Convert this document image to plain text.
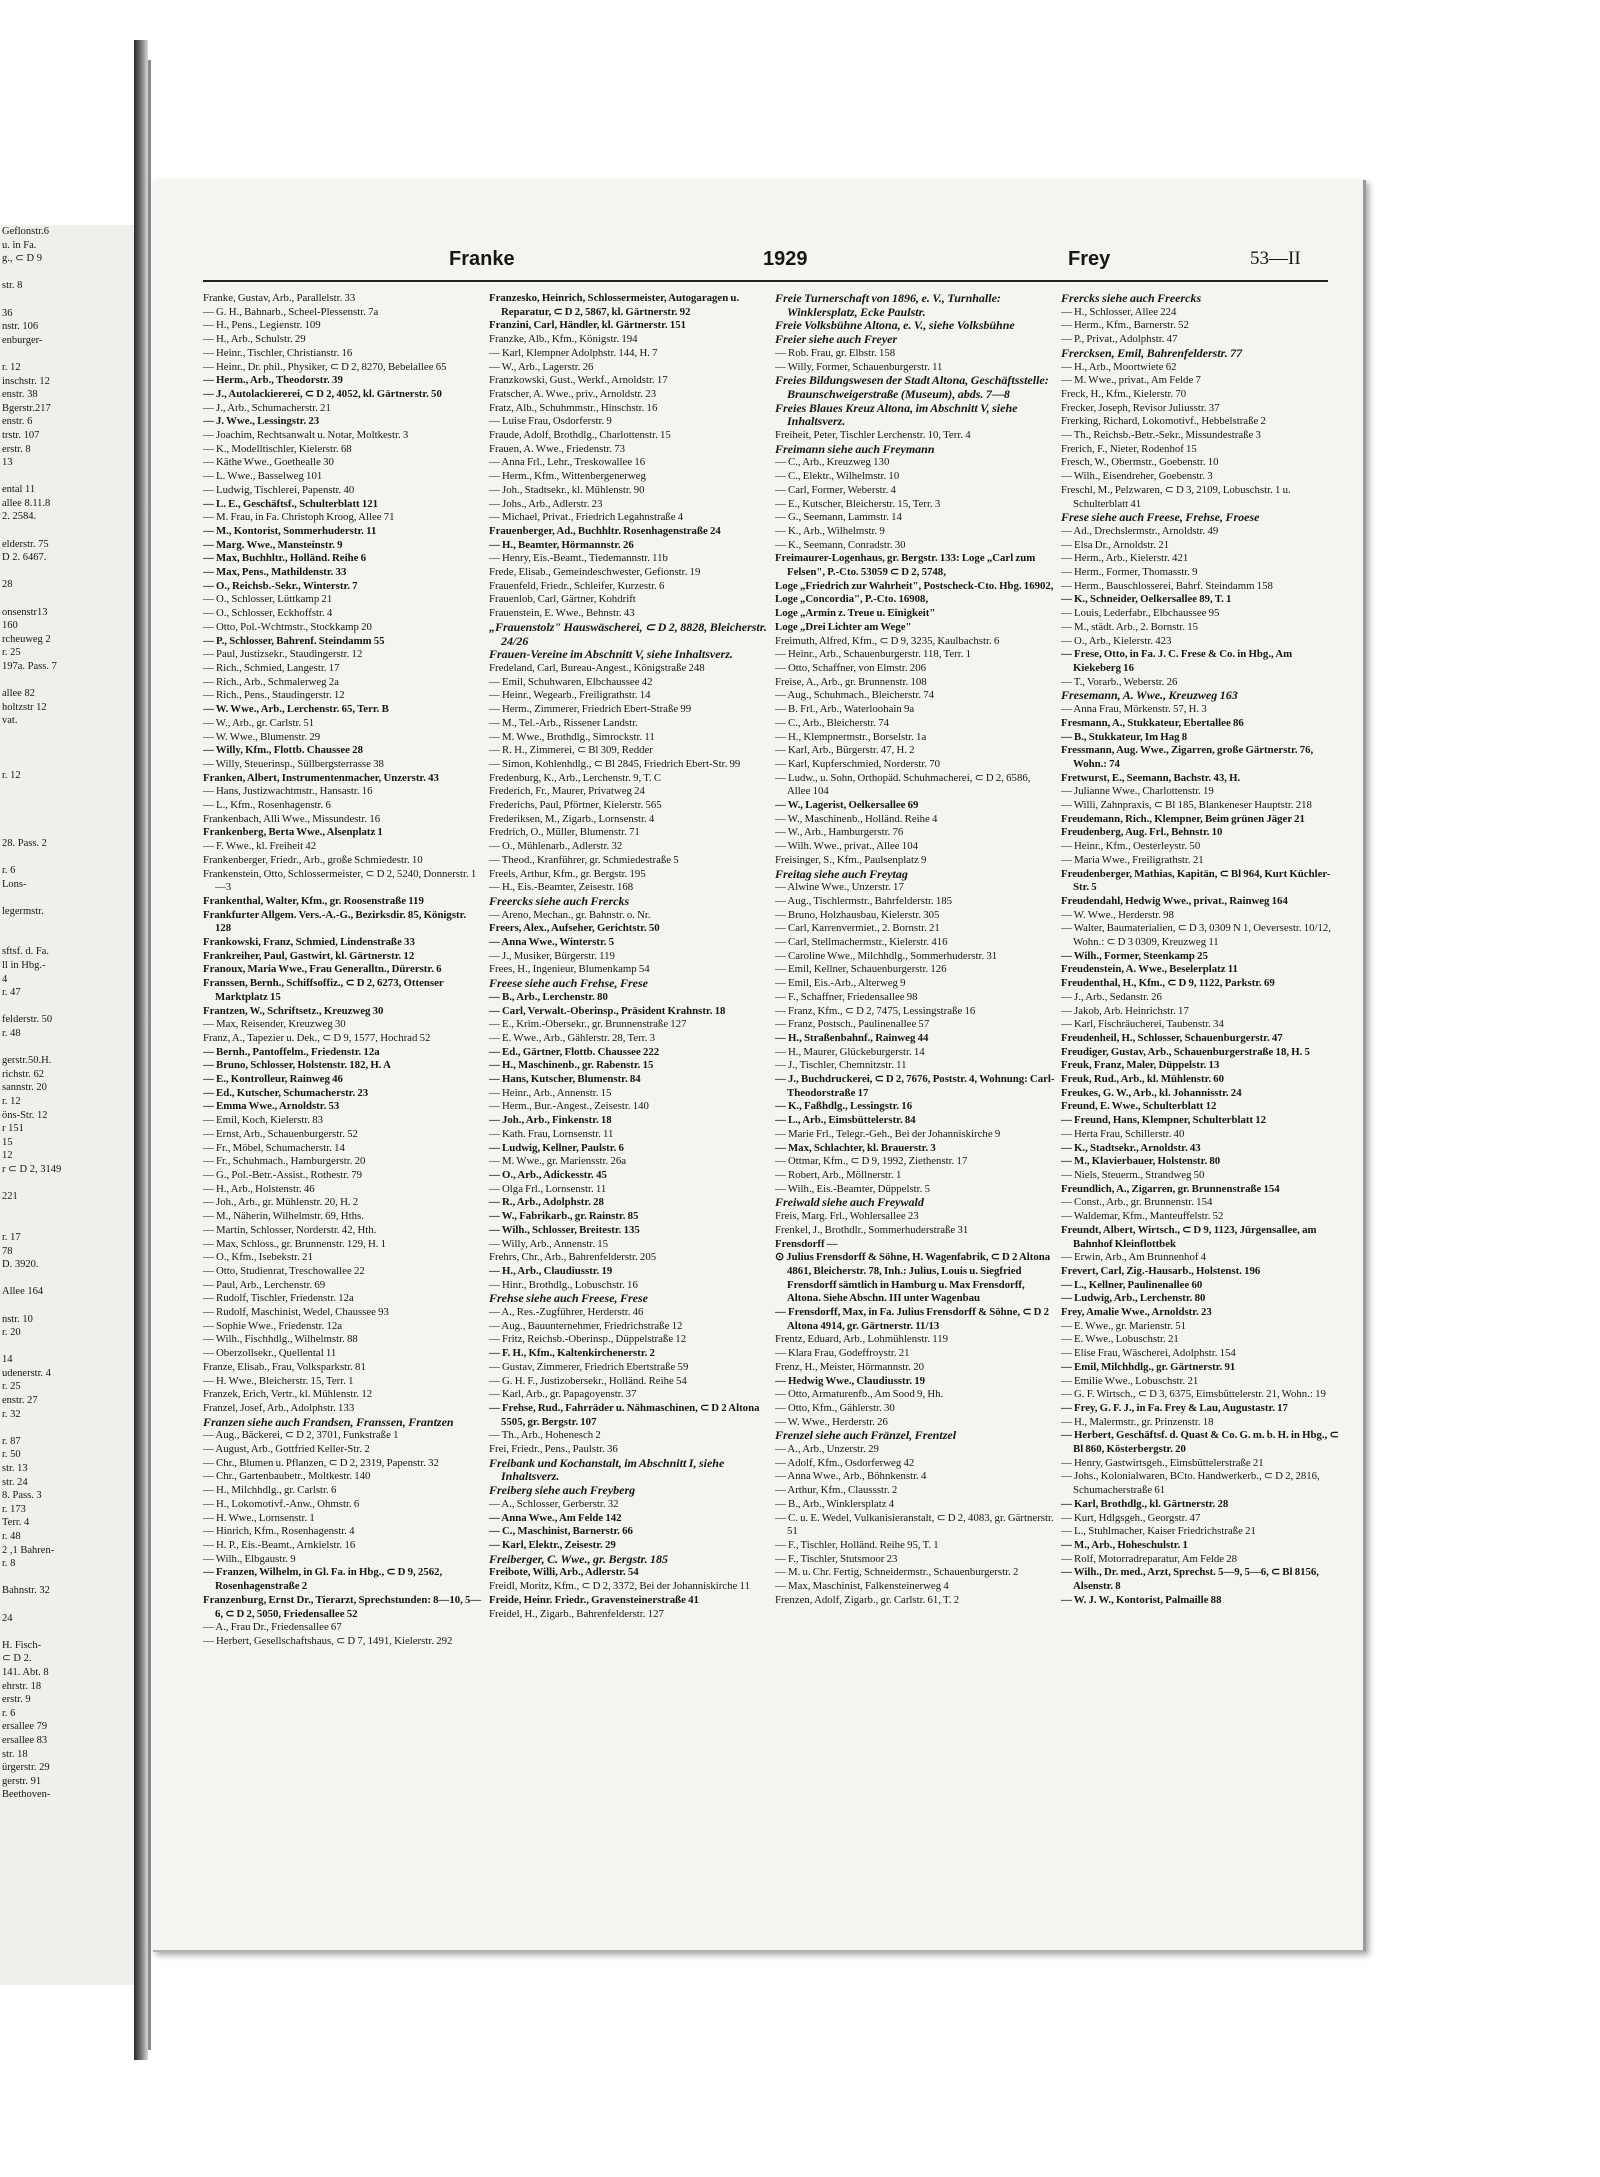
Geflonstr.6
u. in Fa.
g., ⊂ D 9
str. 8
36
nstr. 106
enburger-
r. 12
inschstr. 12
enstr. 38
Bgerstr.217
enstr. 6
trstr. 107
erstr. 8
13
ental 11
allee 8.11.8
2. 2584.
elderstr. 75
D 2. 6467.
28
onsenstr13
160
rcheuweg 2
r. 25
197a. Pass. 7
allee 82
holtzstr 12
vat.
r. 12
28. Pass. 2
r. 6
Lons-
legermstr.
sftsf. d. Fa.
ll in Hbg.-
4
r. 47
felderstr. 50
r. 48
gerstr.50.H.
richstr. 62
sannstr. 20
r. 12
öns-Str. 12
r 151
15
12
r ⊂ D 2, 3149
221
r. 17
78
D. 3920.
Allee 164
nstr. 10
r. 20
14
udenerstr. 4
r. 25
enstr. 27
r. 32
r. 87
r. 50
str. 13
str. 24
8. Pass. 3
r. 173
Terr. 4
r. 48
2 ,1 Bahren-
r. 8
Bahnstr. 32
24
H. Fisch-
⊂ D 2.
141. Abt. 8
ehrstr. 18
erstr. 9
r. 6
ersallee 79
ersallee 83
str. 18
ürgerstr. 29
gerstr. 91
Beethoven-
Franke	1929	Frey	53—II
Franke, Gustav, Arb., Parallelstr. 33
— G. H., Bahnarb., Scheel-Plessenstr. 7a
— H., Pens., Legienstr. 109
— H., Arb., Schulstr. 29
— Heinr., Tischler, Christianstr. 16
— Heinr., Dr. phil., Physiker, ⊂ D 2, 8270, Bebelallee 65
— Herm., Arb., Theodorstr. 39
— J., Autolackiererei, ⊂ D 2, 4052, kl. Gärtnerstr. 50
— J., Arb., Schumacherstr. 21
— J. Wwe., Lessingstr. 23
— Joachim, Rechtsanwalt u. Notar, Moltkestr. 3
— K., Modelltischler, Kielerstr. 68
— Käthe Wwe., Goethealle 30
— L. Wwe., Basselweg 101
— Ludwig, Tischlerei, Papenstr. 40
— L. E., Geschäftsf., Schulterblatt 121
— M. Frau, in Fa. Christoph Kroog, Allee 71
— M., Kontorist, Sommerhuderstr. 11
— Marg. Wwe., Mansteinstr. 9
— Max, Buchhltr., Holländ. Reihe 6
— Max, Pens., Mathildenstr. 33
— O., Reichsb.-Sekr., Winterstr. 7
— O., Schlosser, Lüttkamp 21
— O., Schlosser, Eckhoffstr. 4
— Otto, Pol.-Wchtmstr., Stockkamp 20
— P., Schlosser, Bahrenf. Steindamm 55
— Paul, Justizsekr., Staudingerstr. 12
— Rich., Schmied, Langestr. 17
— Rich., Arb., Schmalerweg 2a
— Rich., Pens., Staudingerstr. 12
— W. Wwe., Arb., Lerchenstr. 65, Terr. B
— W., Arb., gr. Carlstr. 51
— W. Wwe., Blumenstr. 29
— Willy, Kfm., Flottb. Chaussee 28
— Willy, Steuerinsp., Süllbergsterrasse 38
Franken, Albert, Instrumentenmacher, Unzerstr. 43
— Hans, Justizwachtmstr., Hansastr. 16
— L., Kfm., Rosenhagenstr. 6
Frankenbach, Alli Wwe., Missundestr. 16
Frankenberg, Berta Wwe., Alsenplatz 1
— F. Wwe., kl. Freiheit 42
Frankenberger, Friedr., Arb., große Schmiedestr. 10
Frankenstein, Otto, Schlossermeister, ⊂ D 2, 5240, Donnerstr. 1—3
Frankenthal, Walter, Kfm., gr. Roosenstraße 119
Frankfurter Allgem. Vers.-A.-G., Bezirksdir. 85, Königstr. 128
Frankowski, Franz, Schmied, Lindenstraße 33
Frankreiher, Paul, Gastwirt, kl. Gärtnerstr. 12
Franoux, Maria Wwe., Frau Generalltn., Dürerstr. 6
Franssen, Bernh., Schiffsoffiz., ⊂ D 2, 6273, Ottenser Marktplatz 15
Frantzen, W., Schriftsetz., Kreuzweg 30
— Max, Reisender, Kreuzweg 30
Franz, A., Tapezier u. Dek., ⊂ D 9, 1577, Hochrad 52
— Bernh., Pantoffelm., Friedenstr. 12a
— Bruno, Schlosser, Holstenstr. 182, H. A
— E., Kontrolleur, Rainweg 46
— Ed., Kutscher, Schumacherstr. 23
— Emma Wwe., Arnoldstr. 53
— Emil, Koch, Kielerstr. 83
— Ernst, Arb., Schauenburgerstr. 52
— Fr., Möbel, Schumacherstr. 14
— Fr., Schuhmach., Hamburgerstr. 20
— G., Pol.-Betr.-Assist., Rothestr. 79
— H., Arb., Holstenstr. 46
— Joh., Arb., gr. Mühlenstr. 20, H. 2
— M., Näherin, Wilhelmstr. 69, Hths.
— Martin, Schlosser, Norderstr. 42, Hth.
— Max, Schloss., gr. Brunnenstr. 129, H. 1
— O., Kfm., Isebekstr. 21
— Otto, Studienrat, Treschowallee 22
— Paul, Arb., Lerchenstr. 69
— Rudolf, Tischler, Friedenstr. 12a
— Rudolf, Maschinist, Wedel, Chaussee 93
— Sophie Wwe., Friedenstr. 12a
— Wilh., Fischhdlg., Wilhelmstr. 88
— Oberzollsekr., Quellental 11
Franze, Elisab., Frau, Volksparkstr. 81
— H. Wwe., Bleicherstr. 15, Terr. 1
Franzek, Erich, Vertr., kl. Mühlenstr. 12
Franzel, Josef, Arb., Adolphstr. 133
Franzen siehe auch Frandsen, Franssen, Frantzen
— Aug., Bäckerei, ⊂ D 2, 3701, Funkstraße 1
— August, Arb., Gottfried Keller-Str. 2
— Chr., Blumen u. Pflanzen, ⊂ D 2, 2319, Papenstr. 32
— Chr., Gartenbaubetr., Moltkestr. 140
— H., Milchhdlg., gr. Carlstr. 6
— H., Lokomotivf.-Anw., Ohmstr. 6
— H. Wwe., Lornsenstr. 1
— Hinrich, Kfm., Rosenhagenstr. 4
— H. P., Eis.-Beamt., Arnkielstr. 16
— Wilh., Elbgaustr. 9
— Franzen, Wilhelm, in Gl. Fa. in Hbg., ⊂ D 9, 2562, Rosenhagenstraße 2
Franzenburg, Ernst Dr., Tierarzt, Sprechstunden: 8—10, 5—6, ⊂ D 2, 5050, Friedensallee 52
— A., Frau Dr., Friedensallee 67
— Herbert, Gesellschaftshaus, ⊂ D 7, 1491, Kielerstr. 292
Franzesko, Heinrich, Schlossermeister, Autogaragen u. Reparatur, ⊂ D 2, 5867, kl. Gärtnerstr. 92
Franzini, Carl, Händler, kl. Gärtnerstr. 151
Franzke, Alb., Kfm., Königstr. 194
— Karl, Klempner Adolphstr. 144, H. 7
— W., Arb., Lagerstr. 26
Franzkowski, Gust., Werkf., Arnoldstr. 17
Fratscher, A. Wwe., priv., Arnoldstr. 23
Fratz, Alb., Schuhmmstr., Hinschstr. 16
— Luise Frau, Osdorferstr. 9
Fraude, Adolf, Brothdlg., Charlottenstr. 15
Frauen, A. Wwe., Friedenstr. 73
— Anna Frl., Lehr., Treskowallee 16
— Herm., Kfm., Wittenbergenerweg
— Joh., Stadtsekr., kl. Mühlenstr. 90
— Johs., Arb., Adlerstr. 23
— Michael, Privat., Friedrich Legahnstraße 4
Frauenberger, Ad., Buchhltr. Rosenhagenstraße 24
— H., Beamter, Hörmannstr. 26
— Henry, Eis.-Beamt., Tiedemannstr. 11b
Frede, Elisab., Gemeindeschwester, Gefionstr. 19
Frauenfeld, Friedr., Schleifer, Kurzestr. 6
Frauenlob, Carl, Gärtner, Kohdrift
Frauenstein, E. Wwe., Behnstr. 43
„Frauenstolz" Hauswäscherei, ⊂ D 2, 8828, Bleicherstr. 24/26
Frauen-Vereine im Abschnitt V, siehe Inhaltsverz.
Fredeland, Carl, Bureau-Angest., Königstraße 248
— Emil, Schuhwaren, Elbchaussee 42
— Heinr., Wegearb., Freiligrathstr. 14
— Herm., Zimmerer, Friedrich Ebert-Straße 99
— M., Tel.-Arb., Rissener Landstr.
— M. Wwe., Brothdlg., Simrockstr. 11
— R. H., Zimmerei, ⊂ Bl 309, Redder
— Simon, Kohlenhdlg., ⊂ Bl 2845, Friedrich Ebert-Str. 99
Fredenburg, K., Arb., Lerchenstr. 9, T. C
Frederich, Fr., Maurer, Privatweg 24
Frederichs, Paul, Pförtner, Kielerstr. 565
Frederiksen, M., Zigarb., Lornsenstr. 4
Fredrich, O., Müller, Blumenstr. 71
— O., Mühlenarb., Adlerstr. 32
— Theod., Kranführer, gr. Schmiedestraße 5
Freels, Arthur, Kfm., gr. Bergstr. 195
— H., Eis.-Beamter, Zeisestr. 168
Freercks siehe auch Frercks
— Areno, Mechan., gr. Bahnstr. o. Nr.
Freers, Alex., Aufseher, Gerichtstr. 50
— Anna Wwe., Winterstr. 5
— J., Musiker, Bürgerstr. 119
Frees, H., Ingenieur, Blumenkamp 54
Freese siehe auch Frehse, Frese
— B., Arb., Lerchenstr. 80
— Carl, Verwalt.-Oberinsp., Präsident Krahnstr. 18
— E., Krim.-Obersekr., gr. Brunnenstraße 127
— E. Wwe., Arb., Gählerstr. 28, Terr. 3
— Ed., Gärtner, Flottb. Chaussee 222
— H., Maschinenb., gr. Rabenstr. 15
— Hans, Kutscher, Blumenstr. 84
— Heinr., Arb., Annenstr. 15
— Herm., Bur.-Angest., Zeisestr. 140
— Joh., Arb., Finkenstr. 18
— Kath. Frau, Lornsenstr. 11
— Ludwig, Kellner, Paulstr. 6
— M. Wwe., gr. Mariensstr. 26a
— O., Arb., Adickesstr. 45
— Olga Frl., Lornsenstr. 11
— R., Arb., Adolphstr. 28
— W., Fabrikarb., gr. Rainstr. 85
— Wilh., Schlosser, Breitestr. 135
— Willy, Arb., Annenstr. 15
Frehrs, Chr., Arb., Bahrenfelderstr. 205
— H., Arb., Claudiusstr. 19
— Hinr., Brothdlg., Lobuschstr. 16
Frehse siehe auch Freese, Frese
— A., Res.-Zugführer, Herderstr. 46
— Aug., Bauunternehmer, Friedrichstraße 12
— Fritz, Reichsb.-Oberinsp., Düppelstraße 12
— F. H., Kfm., Kaltenkirchenerstr. 2
— Gustav, Zimmerer, Friedrich Ebertstraße 59
— G. H. F., Justizobersekr., Holländ. Reihe 54
— Karl, Arb., gr. Papagoyenstr. 37
— Frehse, Rud., Fahrräder u. Nähmaschinen, ⊂ D 2 Altona 5505, gr. Bergstr. 107
— Th., Arb., Hohenesch 2
Frei, Friedr., Pens., Paulstr. 36
Freibank und Kochanstalt, im Abschnitt I, siehe Inhaltsverz.
Freiberg siehe auch Freyberg
— A., Schlosser, Gerberstr. 32
— Anna Wwe., Am Felde 142
— C., Maschinist, Barnerstr. 66
— Karl, Elektr., Zeisestr. 29
Freiberger, C. Wwe., gr. Bergstr. 185
Freibote, Willi, Arb., Adlerstr. 54
Freidl, Moritz, Kfm., ⊂ D 2, 3372, Bei der Johanniskirche 11
Freide, Heinr. Friedr., Gravensteinerstraße 41
Freidel, H., Zigarb., Bahrenfelderstr. 127
Freie Turnerschaft von 1896, e. V., Turnhalle: Winklersplatz, Ecke Paulstr.
Freie Volksbühne Altona, e. V., siehe Volksbühne
Freier siehe auch Freyer
— Rob. Frau, gr. Elbstr. 158
— Willy, Former, Schauenburgerstr. 11
Freies Bildungswesen der Stadt Altona, Geschäftsstelle: Braunschweigerstraße (Museum), abds. 7—8
Freies Blaues Kreuz Altona, im Abschnitt V, siehe Inhaltsverz.
Freiheit, Peter, Tischler Lerchenstr. 10, Terr. 4
Freimann siehe auch Freymann
— C., Arb., Kreuzweg 130
— C., Elektr., Wilhelmstr. 10
— Carl, Former, Weberstr. 4
— E., Kutscher, Bleicherstr. 15, Terr. 3
— G., Seemann, Lammstr. 14
— K., Arb., Wilhelmstr. 9
— K., Seemann, Conradstr. 30
Freimaurer-Logenhaus, gr. Bergstr. 133: Loge „Carl zum Felsen", P.-Cto. 53059 ⊂ D 2, 5748,
Loge „Friedrich zur Wahrheit", Postscheck-Cto. Hbg. 16902,
Loge „Concordia", P.-Cto. 16908,
Loge „Armin z. Treue u. Einigkeit"
Loge „Drei Lichter am Wege"
Freimuth, Alfred, Kfm., ⊂ D 9, 3235, Kaulbachstr. 6
— Heinr., Arb., Schauenburgerstr. 118, Terr. 1
— Otto, Schaffner, von Elmstr. 206
Freise, A., Arb., gr. Brunnenstr. 108
— Aug., Schuhmach., Bleicherstr. 74
— B. Frl., Arb., Waterloohain 9a
— C., Arb., Bleicherstr. 74
— H., Klempnermstr., Borselstr. 1a
— Karl, Arb., Bürgerstr. 47, H. 2
— Karl, Kupferschmied, Norderstr. 70
— Ludw., u. Sohn, Orthopäd. Schuhmacherei, ⊂ D 2, 6586, Allee 104
— W., Lagerist, Oelkersallee 69
— W., Maschinenb., Holländ. Reihe 4
— W., Arb., Hamburgerstr. 76
— Wilh. Wwe., privat., Allee 104
Freisinger, S., Kfm., Paulsenplatz 9
Freitag siehe auch Freytag
— Alwine Wwe., Unzerstr. 17
— Aug., Tischlermstr., Bahrfelderstr. 185
— Bruno, Holzhausbau, Kielerstr. 305
— Carl, Karrenvermiet., 2. Bornstr. 21
— Carl, Stellmachermstr., Kielerstr. 416
— Caroline Wwe., Milchhdlg., Sommerhuderstr. 31
— Emil, Kellner, Schauenburgerstr. 126
— Emil, Eis.-Arb., Alterweg 9
— F., Schaffner, Friedensallee 98
— Franz, Kfm., ⊂ D 2, 7475, Lessingstraße 16
— Franz, Postsch., Paulinenallee 57
— H., Straßenbahnf., Rainweg 44
— H., Maurer, Glückeburgerstr. 14
— J., Tischler, Chemnitzstr. 11
— J., Buchdruckerei, ⊂ D 2, 7676, Poststr. 4, Wohnung: Carl-Theodorstraße 17
— K., Faßhdlg., Lessingstr. 16
— L., Arb., Eimsbüttelerstr. 84
— Marie Frl., Telegr.-Geh., Bei der Johanniskirche 9
— Max, Schlachter, kl. Brauerstr. 3
— Ottmar, Kfm., ⊂ D 9, 1992, Ziethenstr. 17
— Robert, Arb., Möllnerstr. 1
— Wilh., Eis.-Beamter, Düppelstr. 5
Freiwald siehe auch Freywald
Freis, Marg. Frl., Wohlersallee 23
Frenkel, J., Brothdlr., Sommerhuderstraße 31
Frensdorff —
⊙ Julius Frensdorff & Söhne, H. Wagenfabrik, ⊂ D 2 Altona 4861, Bleicherstr. 78, Inh.: Julius, Louis u. Siegfried Frensdorff sämtlich in Hamburg u. Max Frensdorff, Altona. Siehe Abschn. III unter Wagenbau
— Frensdorff, Max, in Fa. Julius Frensdorff & Söhne, ⊂ D 2 Altona 4914, gr. Gärtnerstr. 11/13
Frentz, Eduard, Arb., Lohmühlenstr. 119
— Klara Frau, Godeffroystr. 21
Frenz, H., Meister, Hörmannstr. 20
— Hedwig Wwe., Claudiusstr. 19
— Otto, Armaturenfb., Am Sood 9, Hh.
— Otto, Kfm., Gählerstr. 30
— W. Wwe., Herderstr. 26
Frenzel siehe auch Fränzel, Frentzel
— A., Arb., Unzerstr. 29
— Adolf, Kfm., Osdorferweg 42
— Anna Wwe., Arb., Böhnkenstr. 4
— Arthur, Kfm., Claussstr. 2
— B., Arb., Winklersplatz 4
— C. u. E. Wedel, Vulkanisieranstalt, ⊂ D 2, 4083, gr. Gärtnerstr. 51
— F., Tischler, Holländ. Reihe 95, T. 1
— F., Tischler, Stutsmoor 23
— M. u. Chr. Fertig, Schneidermstr., Schauenburgerstr. 2
— Max, Maschinist, Falkensteinerweg 4
Frenzen, Adolf, Zigarb., gr. Carlstr. 61, T. 2
Frercks siehe auch Freercks
— H., Schlosser, Allee 224
— Herm., Kfm., Barnerstr. 52
— P., Privat., Adolphstr. 47
Frercksen, Emil, Bahrenfelderstr. 77
— H., Arb., Moortwiete 62
— M. Wwe., privat., Am Felde 7
Freck, H., Kfm., Kielerstr. 70
Frecker, Joseph, Revisor Juliusstr. 37
Frerking, Richard, Lokomotivf., Hebbelstraße 2
— Th., Reichsb.-Betr.-Sekr., Missundestraße 3
Frerich, F., Nieter, Rodenhof 15
Fresch, W., Obermstr., Goebenstr. 10
— Wilh., Eisendreher, Goebenstr. 3
Freschl, M., Pelzwaren, ⊂ D 3, 2109, Lobuschstr. 1 u. Schulterblatt 41
Frese siehe auch Freese, Frehse, Froese
— Ad., Drechslermstr., Arnoldstr. 49
— Elsa Dr., Arnoldstr. 21
— Herm., Arb., Kielerstr. 421
— Herm., Former, Thomasstr. 9
— Herm., Bauschlosserei, Bahrf. Steindamm 158
— K., Schneider, Oelkersallee 89, T. 1
— Louis, Lederfabr., Elbchaussee 95
— M., städt. Arb., 2. Bornstr. 15
— O., Arb., Kielerstr. 423
— Frese, Otto, in Fa. J. C. Frese & Co. in Hbg., Am Kiekeberg 16
— T., Vorarb., Weberstr. 26
Fresemann, A. Wwe., Kreuzweg 163
— Anna Frau, Mörkenstr. 57, H. 3
Fresmann, A., Stukkateur, Ebertallee 86
— B., Stukkateur, Im Hag 8
Fressmann, Aug. Wwe., Zigarren, große Gärtnerstr. 76, Wohn.: 74
Fretwurst, E., Seemann, Bachstr. 43, H.
— Julianne Wwe., Charlottenstr. 19
— Willi, Zahnpraxis, ⊂ Bl 185, Blankeneser Hauptstr. 218
Freudemann, Rich., Klempner, Beim grünen Jäger 21
Freudenberg, Aug. Frl., Behnstr. 10
— Heinr., Kfm., Oesterleystr. 50
— Maria Wwe., Freiligrathstr. 21
Freudenberger, Mathias, Kapitän, ⊂ Bl 964, Kurt Küchler-Str. 5
Freudendahl, Hedwig Wwe., privat., Rainweg 164
— W. Wwe., Herderstr. 98
— Walter, Baumaterialien, ⊂ D 3, 0309 N 1, Oeversestr. 10/12, Wohn.: ⊂ D 3 0309, Kreuzweg 11
— Wilh., Former, Steenkamp 25
Freudenstein, A. Wwe., Beselerplatz 11
Freudenthal, H., Kfm., ⊂ D 9, 1122, Parkstr. 69
— J., Arb., Sedanstr. 26
— Jakob, Arb. Heinrichstr. 17
— Karl, Fischräucherei, Taubenstr. 34
Freudenheil, H., Schlosser, Schauenburgerstr. 47
Freudiger, Gustav, Arb., Schauenburgerstraße 18, H. 5
Freuk, Franz, Maler, Düppelstr. 13
Freuk, Rud., Arb., kl. Mühlenstr. 60
Freukes, G. W., Arb., kl. Johannisstr. 24
Freund, E. Wwe., Schulterblatt 12
— Freund, Hans, Klempner, Schulterblatt 12
— Herta Frau, Schillerstr. 40
— K., Stadtsekr., Arnoldstr. 43
— M., Klavierbauer, Holstenstr. 80
— Niels, Steuerm., Strandweg 50
Freundlich, A., Zigarren, gr. Brunnenstraße 154
— Const., Arb., gr. Brunnenstr. 154
— Waldemar, Kfm., Manteuffelstr. 52
Freundt, Albert, Wirtsch., ⊂ D 9, 1123, Jürgensallee, am Bahnhof Kleinflottbek
— Erwin, Arb., Am Brunnenhof 4
Frevert, Carl, Zig.-Hausarb., Holstenst. 196
— L., Kellner, Paulinenallee 60
— Ludwig, Arb., Lerchenstr. 80
Frey, Amalie Wwe., Arnoldstr. 23
— E. Wwe., gr. Marienstr. 51
— E. Wwe., Lobuschstr. 21
— Elise Frau, Wäscherei, Adolphstr. 154
— Emil, Milchhdlg., gr. Gärtnerstr. 91
— Emilie Wwe., Lobuschstr. 21
— G. F. Wirtsch., ⊂ D 3, 6375, Eimsbüttelerstr. 21, Wohn.: 19
— Frey, G. F. J., in Fa. Frey & Lau, Augustastr. 17
— H., Malermstr., gr. Prinzenstr. 18
— Herbert, Geschäftsf. d. Quast & Co. G. m. b. H. in Hbg., ⊂ Bl 860, Kösterbergstr. 20
— Henry, Gastwirtsgeh., Eimsbüttelerstraße 21
— Johs., Kolonialwaren, BCto. Handwerkerb., ⊂ D 2, 2816, Schumacherstraße 61
— Karl, Brothdlg., kl. Gärtnerstr. 28
— Kurt, Hdlgsgeh., Georgstr. 47
— L., Stuhlmacher, Kaiser Friedrichstraße 21
— M., Arb., Hoheschulstr. 1
— Rolf, Motorradreparatur, Am Felde 28
— Wilh., Dr. med., Arzt, Sprechst. 5—9, 5—6, ⊂ Bl 8156, Alsenstr. 8
— W. J. W., Kontorist, Palmaille 88
